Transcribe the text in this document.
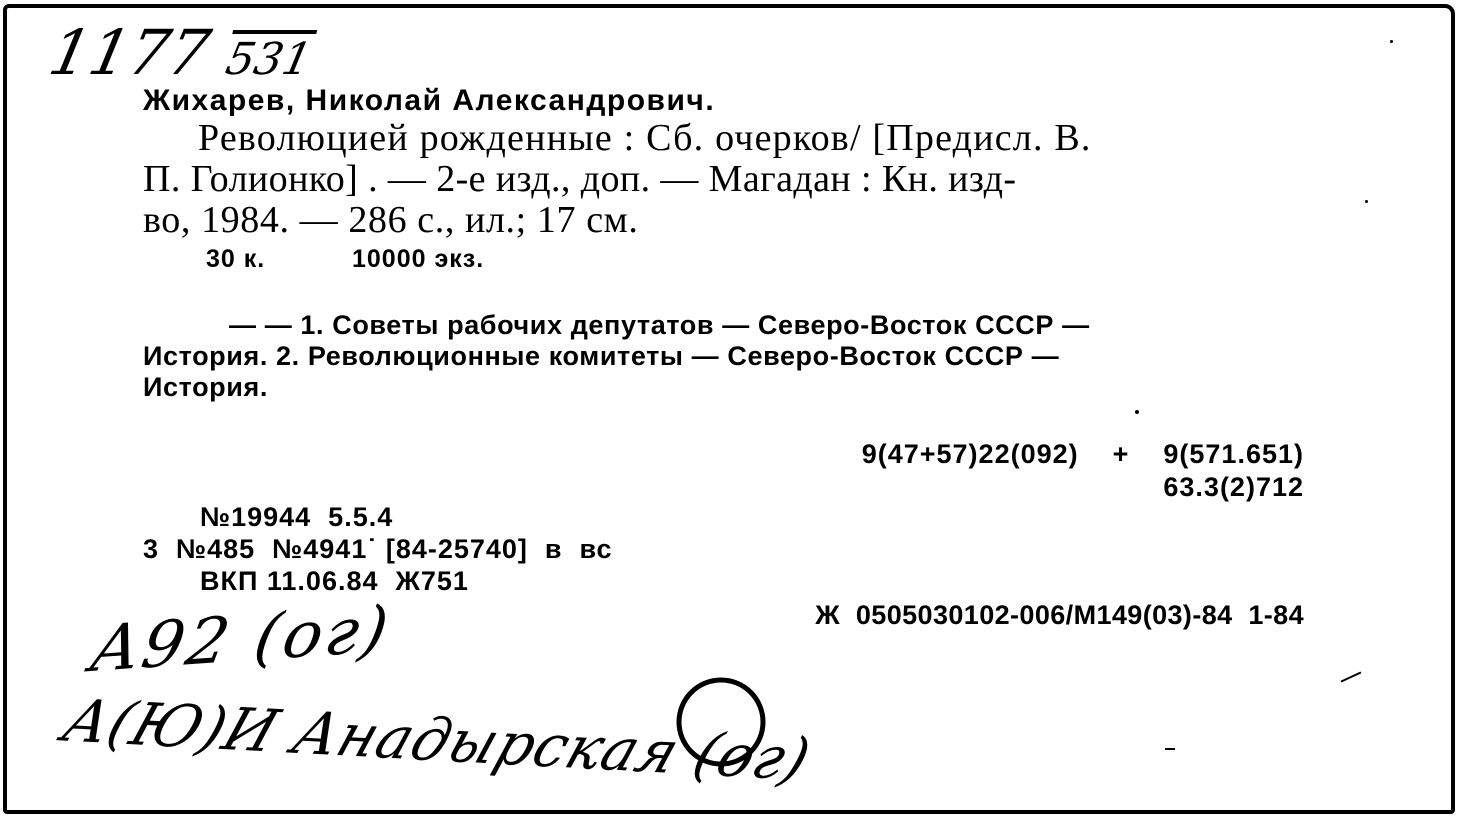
1177 531
Жихарев, Николай Александрович.
Революцией рожденные : Сб. очерков/ [Предисл. В.
П. Голионко] . — 2-е изд., доп. — Магадан : Кн. изд-
во, 1984. — 286 с., ил.; 17 см.
30 к.	10000 экз.
— — 1. Советы рабочих депутатов — Северо-Восток СССР —
История. 2. Революционные комитеты — Северо-Восток СССР —
История.
9(47+57)22(092)    +    9(571.651)
63.3(2)712
№19944  5.5.4
3  №485  №4941˙ [84-25740]  в  вс
ВКП 11.06.84  Ж751
Ж  0505030102-006/М149(03)-84  1-84
A92 (ог)
А(Ю)И Анадырская (ог)
